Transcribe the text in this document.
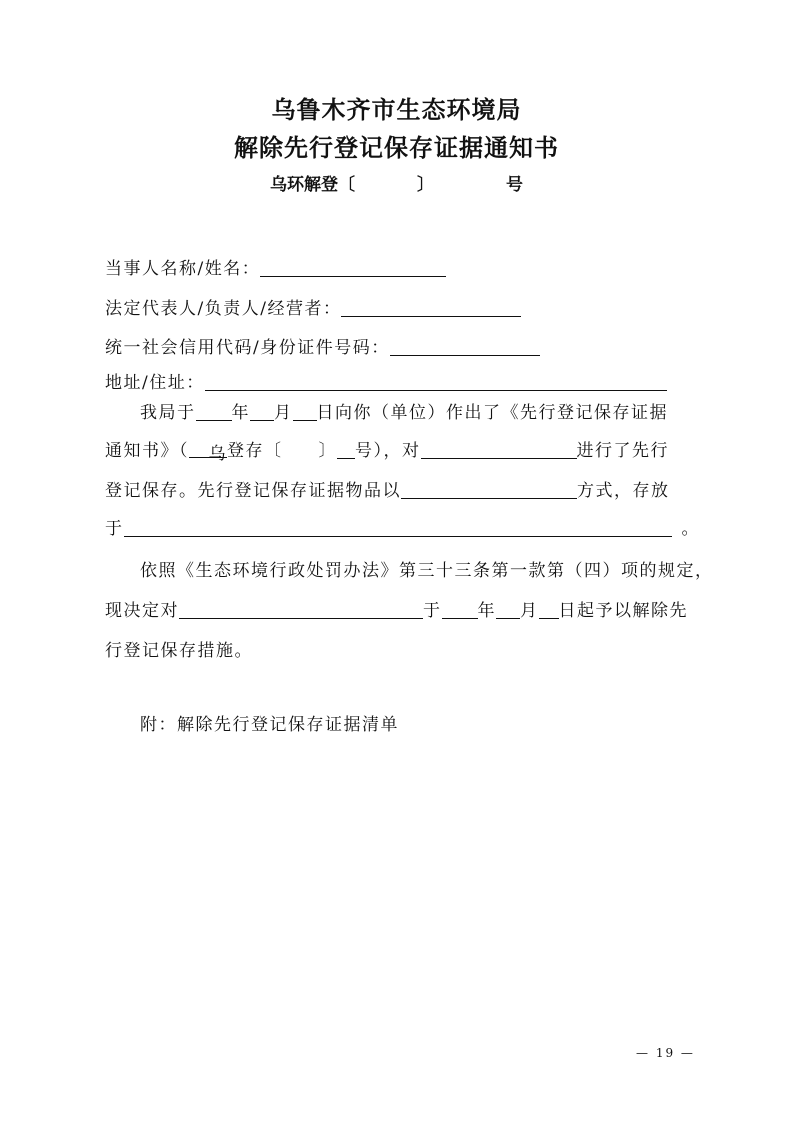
乌鲁木齐市生态环境局
解除先行登记保存证据通知书
乌环解登〔	〕	号
当事人名称/姓名：
法定代表人/负责人/经营者：
统一社会信用代码/身份证件号码：
地址/住址：
我局于 年 月 日向你（单位）作出了《先行登记保存证据
通知书》（ 乌登存〔 〕 号），对	进行了先行
登记保存。先行登记保存证据物品以	方式，存放
于	。
依照《生态环境行政处罚办法》第三十三条第一款第（四）项的规定，
现决定对	于 年 月 日起予以解除先
行登记保存措施。
附：解除先行登记保存证据清单
— 19 —
